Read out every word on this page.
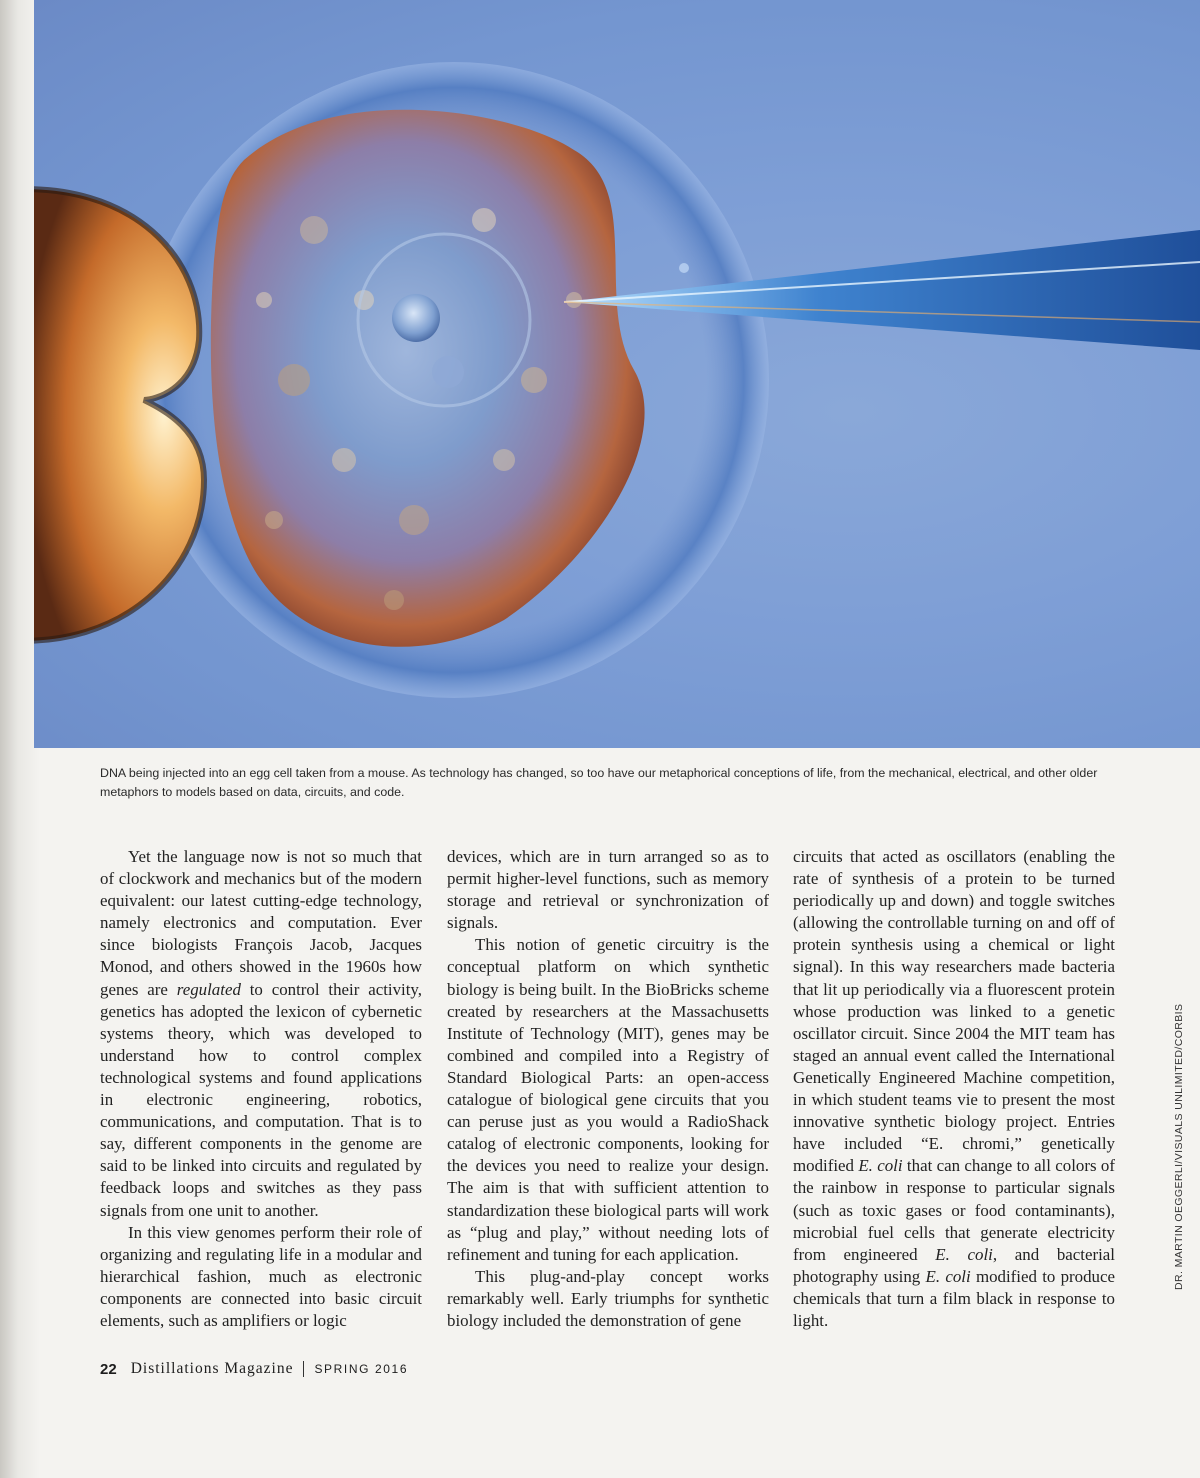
DNA being injected into an egg cell taken from a mouse. As technology has changed, so too have our metaphorical conceptions of life, from the mechanical, electrical, and other older metaphors to models based on data, circuits, and code.

Yet the language now is not so much that of clockwork and mechanics but of the modern equivalent: our latest cutting-edge technology, namely electronics and computation. Ever since biologists François Jacob, Jacques Monod, and others showed in the 1960s how genes are regulated to control their activity, genetics has adopted the lexicon of cybernetic systems theory, which was developed to understand how to control complex technological systems and found applications in electronic engineering, robotics, communications, and computation. That is to say, different components in the genome are said to be linked into circuits and regulated by feedback loops and switches as they pass signals from one unit to another.

In this view genomes perform their role of organizing and regulating life in a modular and hierarchical fashion, much as electronic components are connected into basic circuit elements, such as amplifiers or logic

devices, which are in turn arranged so as to permit higher-level functions, such as memory storage and retrieval or synchronization of signals.

This notion of genetic circuitry is the conceptual platform on which synthetic biology is being built. In the BioBricks scheme created by researchers at the Massachusetts Institute of Technology (MIT), genes may be combined and compiled into a Registry of Standard Biological Parts: an open-access catalogue of biological gene circuits that you can peruse just as you would a RadioShack catalog of electronic components, looking for the devices you need to realize your design. The aim is that with sufficient attention to standardization these biological parts will work as “plug and play,” without needing lots of refinement and tuning for each application.

This plug-and-play concept works remarkably well. Early triumphs for synthetic biology included the demonstration of gene

circuits that acted as oscillators (enabling the rate of synthesis of a protein to be turned periodically up and down) and toggle switches (allowing the controllable turning on and off of protein synthesis using a chemical or light signal). In this way researchers made bacteria that lit up periodically via a fluorescent protein whose production was linked to a genetic oscillator circuit. Since 2004 the MIT team has staged an annual event called the International Genetically Engineered Machine competition, in which student teams vie to present the most innovative synthetic biology project. Entries have included “E. chromi,” genetically modified E. coli that can change to all colors of the rainbow in response to particular signals (such as toxic gases or food contaminants), microbial fuel cells that generate electricity from engineered E. coli, and bacterial photography using E. coli modified to produce chemicals that turn a film black in response to light.

DR. MARTIN OEGGERLI/VISUALS UNLIMITED/CORBIS
22 Distillations Magazine SPRING 2016
